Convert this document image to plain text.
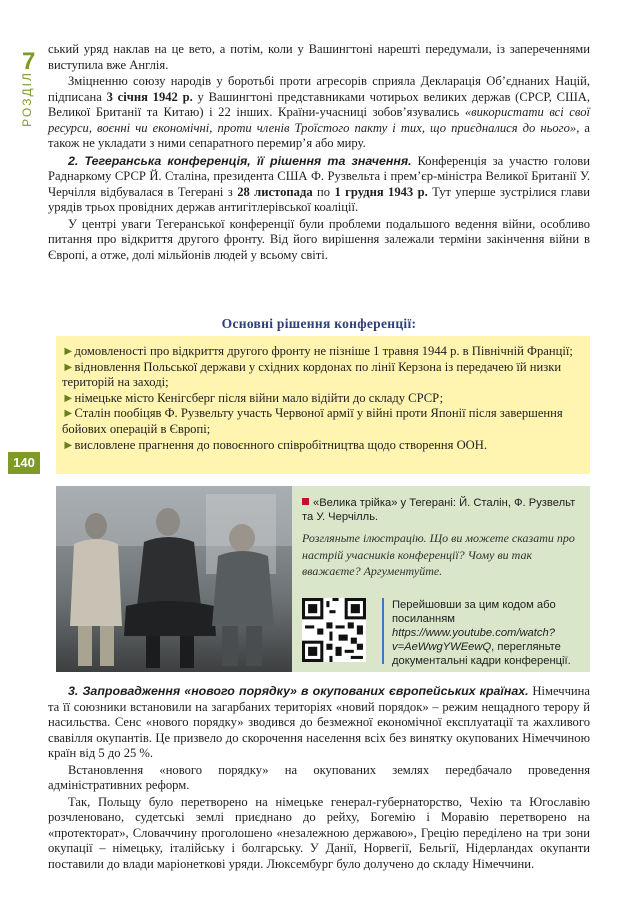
7
РОЗДІЛ
140

ський уряд наклав на це вето, а потім, коли у Вашингтоні нарешті передумали, із запереченнями виступила вже Англія.

Зміцненню союзу народів у боротьбі проти агресорів сприяла Декларація Об’єднаних Націй, підписана 3 січня 1942 р. у Вашингтоні представниками чотирьох великих держав (СРСР, США, Великої Британії та Китаю) і 22 інших. Країни-учасниці зобов’язувались «використати всі свої ресурси, воєнні чи економічні, проти членів Троїстого пакту і тих, що приєдналися до нього», а також не укладати з ними сепаратного перемир’я або миру.

2. Тегеранська конференція, її рішення та значення. Конференція за участю голови Раднаркому СРСР Й. Сталіна, президента США Ф. Рузвельта і прем’єр-міністра Великої Британії У. Черчілля відбувалася в Тегерані з 28 листопада по 1 грудня 1943 р. Тут уперше зустрілися глави урядів трьох провідних держав антигітлерівської коаліції.

У центрі уваги Тегеранської конференції були проблеми подальшого ведення війни, особливо питання про відкриття другого фронту. Від його вирішення залежали терміни закінчення війни в Європі, а отже, долі мільйонів людей у всьому світі.

Основні рішення конференції:
►домовленості про відкриття другого фронту не пізніше 1 травня 1944 р. в Північній Франції;
►відновлення Польської держави у східних кордонах по лінії Керзона із передачею їй низки територій на заході;
►німецьке місто Кенігсберг після війни мало відійти до складу СРСР;
►Сталін пообіцяв Ф. Рузвельту участь Червоної армії у війні проти Японії після завершення бойових операцій в Європі;
►висловлене прагнення до повоєнного співробітництва щодо створення ООН.
«Велика трійка» у Тегерані: Й. Сталін, Ф. Рузвельт та У. Черчілль.
Розгляньте ілюстрацію. Що ви можете сказати про настрій учасників конференції? Чому ви так вважаєте? Аргументуйте.
Перейшовши за цим кодом або посиланням https://www.youtube.com/watch?v=AeWwgYWEewQ, перегляньте документальні кадри конференції.

3. Запровадження «нового порядку» в окупованих європейських країнах. Німеччина та її союзники встановили на загарбаних територіях «новий порядок» – режим нещадного терору й насильства. Сенс «нового порядку» зводився до безмежної економічної експлуатації та жахливого свавілля окупантів. Це призвело до скорочення населення всіх без винятку окупованих Німеччиною країн від 5 до 25 %.

Встановлення «нового порядку» на окупованих землях передбачало проведення адміністративних реформ.

Так, Польщу було перетворено на німецьке генерал-губернаторство, Чехію та Югославію розчленовано, судетські землі приєднано до рейху, Богемію і Моравію перетворено на «протекторат», Словаччину проголошено «незалежною державою», Грецію переділено на три зони окупації – німецьку, італійську і болгарську. У Данії, Норвегії, Бельгії, Нідерландах окупанти поставили до влади маріонеткові уряди. Люксембург було долучено до складу Німеччини.
